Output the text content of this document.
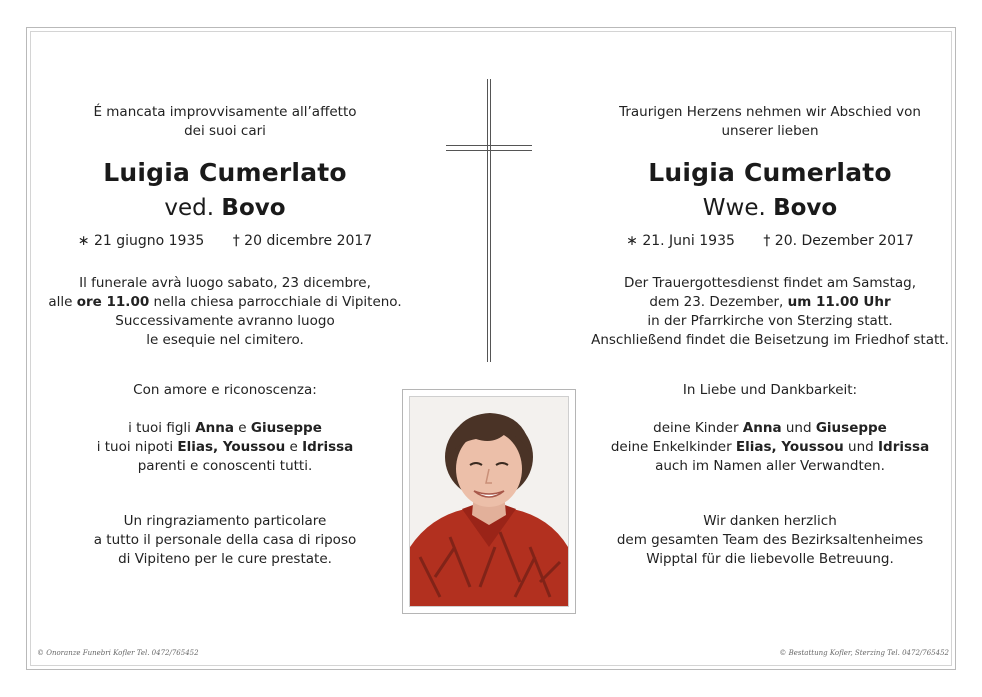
É mancata improvvisamente all’affetto
dei suoi cari
Luigia Cumerlato
ved. Bovo
∗ 21 giugno 1935 † 20 dicembre 2017
Il funerale avrà luogo sabato, 23 dicembre,
alle ore 11.00 nella chiesa parrocchiale di Vipiteno.
Successivamente avranno luogo
le esequie nel cimitero.
Con amore e riconoscenza:
i tuoi figli Anna e Giuseppe
i tuoi nipoti Elias, Youssou e Idrissa
parenti e conoscenti tutti.
Un ringraziamento particolare
a tutto il personale della casa di riposo
di Vipiteno per le cure prestate.
Traurigen Herzens nehmen wir Abschied von
unserer lieben
Luigia Cumerlato
Wwe. Bovo
∗ 21. Juni 1935 † 20. Dezember 2017
Der Trauergottesdienst findet am Samstag,
dem 23. Dezember, um 11.00 Uhr
in der Pfarrkirche von Sterzing statt.
Anschließend findet die Beisetzung im Friedhof statt.
In Liebe und Dankbarkeit:
deine Kinder Anna und Giuseppe
deine Enkelkinder Elias, Youssou und Idrissa
auch im Namen aller Verwandten.
Wir danken herzlich
dem gesamten Team des Bezirksaltenheimes
Wipptal für die liebevolle Betreuung.
© Onoranze Funebri Kofler Tel. 0472/765452	© Bestattung Kofler, Sterzing Tel. 0472/765452
